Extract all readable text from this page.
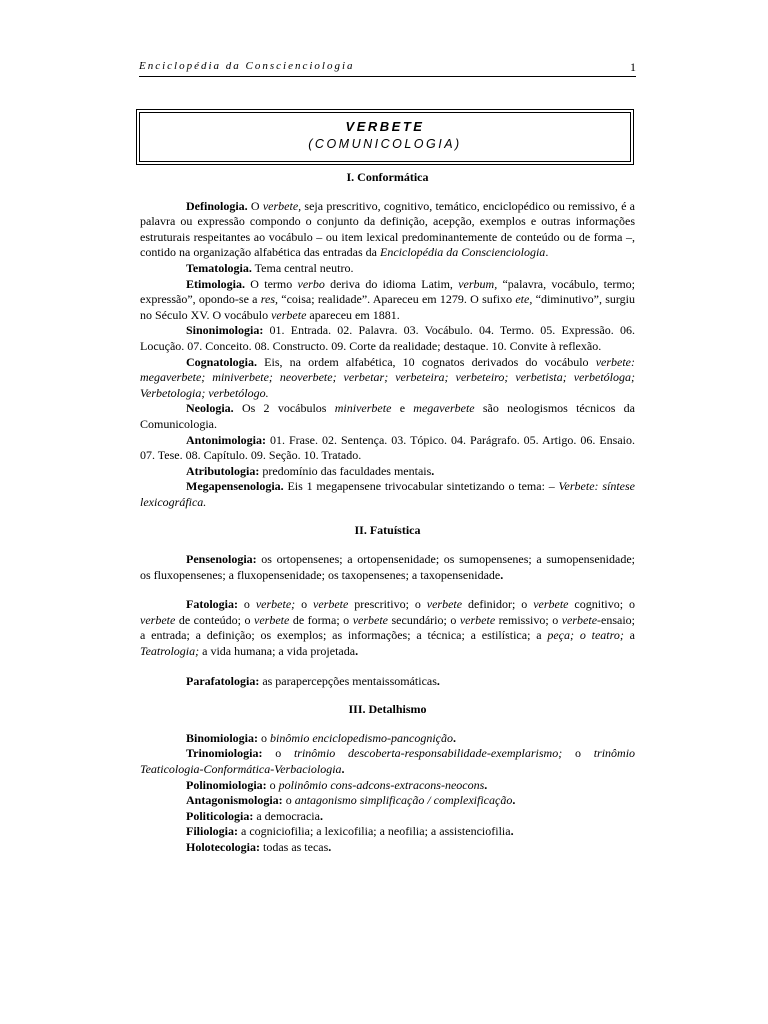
Enciclopédia da Conscienciologia	1
VERBETE
(COMUNICOLOGIA)

I. Conformática

Definologia. O verbete, seja prescritivo, cognitivo, temático, enciclopédico ou remissivo, é a palavra ou expressão compondo o conjunto da definição, acepção, exemplos e outras informações estruturais respeitantes ao vocábulo – ou item lexical predominantemente de conteúdo ou de forma –, contido na organização alfabética das entradas da Enciclopédia da Conscienciologia.

Tematologia. Tema central neutro.

Etimologia. O termo verbo deriva do idioma Latim, verbum, “palavra, vocábulo, termo; expressão”, opondo-se a res, “coisa; realidade”. Apareceu em 1279. O sufixo ete, “diminutivo”, surgiu no Século XV. O vocábulo verbete apareceu em 1881.

Sinonimologia: 01. Entrada. 02. Palavra. 03. Vocábulo. 04. Termo. 05. Expressão. 06. Locução. 07. Conceito. 08. Constructo. 09. Corte da realidade; destaque. 10. Convite à reflexão.

Cognatologia. Eis, na ordem alfabética, 10 cognatos derivados do vocábulo verbete: megaverbete; miniverbete; neoverbete; verbetar; verbeteira; verbeteiro; verbetista; verbetóloga; Verbetologia; verbetólogo.

Neologia. Os 2 vocábulos miniverbete e megaverbete são neologismos técnicos da Comunicologia.

Antonimologia: 01. Frase. 02. Sentença. 03. Tópico. 04. Parágrafo. 05. Artigo. 06. Ensaio. 07. Tese. 08. Capítulo. 09. Seção. 10. Tratado.

Atributologia: predomínio das faculdades mentais.

Megapensenologia. Eis 1 megapensene trivocabular sintetizando o tema: – Verbete: síntese lexicográfica.

II. Fatuística

Pensenologia: os ortopensenes; a ortopensenidade; os sumopensenes; a sumopensenidade; os fluxopensenes; a fluxopensenidade; os taxopensenes; a taxopensenidade.

Fatologia: o verbete; o verbete prescritivo; o verbete definidor; o verbete cognitivo; o verbete de conteúdo; o verbete de forma; o verbete secundário; o verbete remissivo; o verbete-ensaio; a entrada; a definição; os exemplos; as informações; a técnica; a estilística; a peça; o teatro; a Teatrologia; a vida humana; a vida projetada.

Parafatologia: as parapercepções mentaissomáticas.

III. Detalhismo

Binomiologia: o binômio enciclopedismo-pancognição.

Trinomiologia: o trinômio descoberta-responsabilidade-exemplarismo; o trinômio Teaticologia-Conformática-Verbaciologia.

Polinomiologia: o polinômio cons-adcons-extracons-neocons.

Antagonismologia: o antagonismo simplificação / complexificação.

Politicologia: a democracia.

Filiologia: a cogniciofilia; a lexicofilia; a neofilia; a assistenciofilia.

Holotecologia: todas as tecas.
